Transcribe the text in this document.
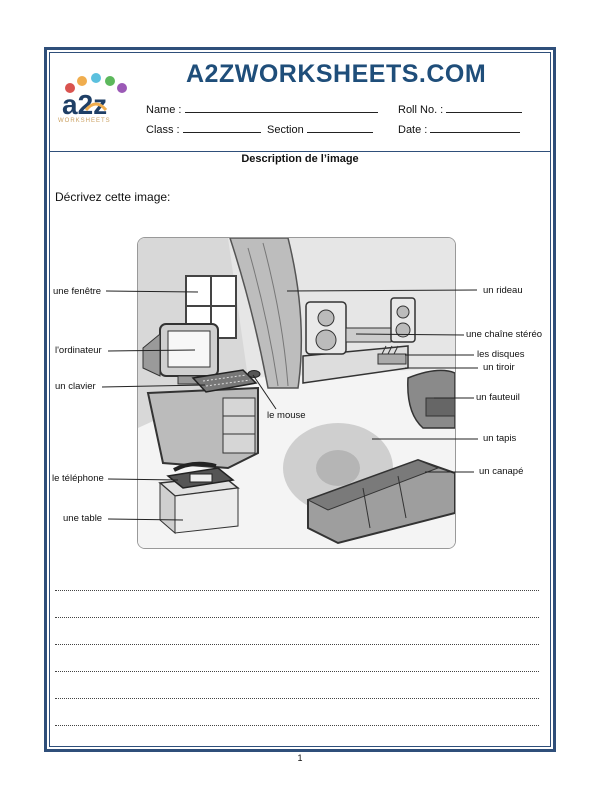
a2z
WORKSHEETS
A2ZWORKSHEETS.COM
Name :	Roll No. :
Class :	Section	Date :
Description de l’image
Décrivez cette image:
une fenêtre
l'ordinateur
un clavier
le mouse
le téléphone
une table
un rideau
une chaîne stéréo
les disques
un tiroir
un fauteuil
un tapis
un canapé
1
